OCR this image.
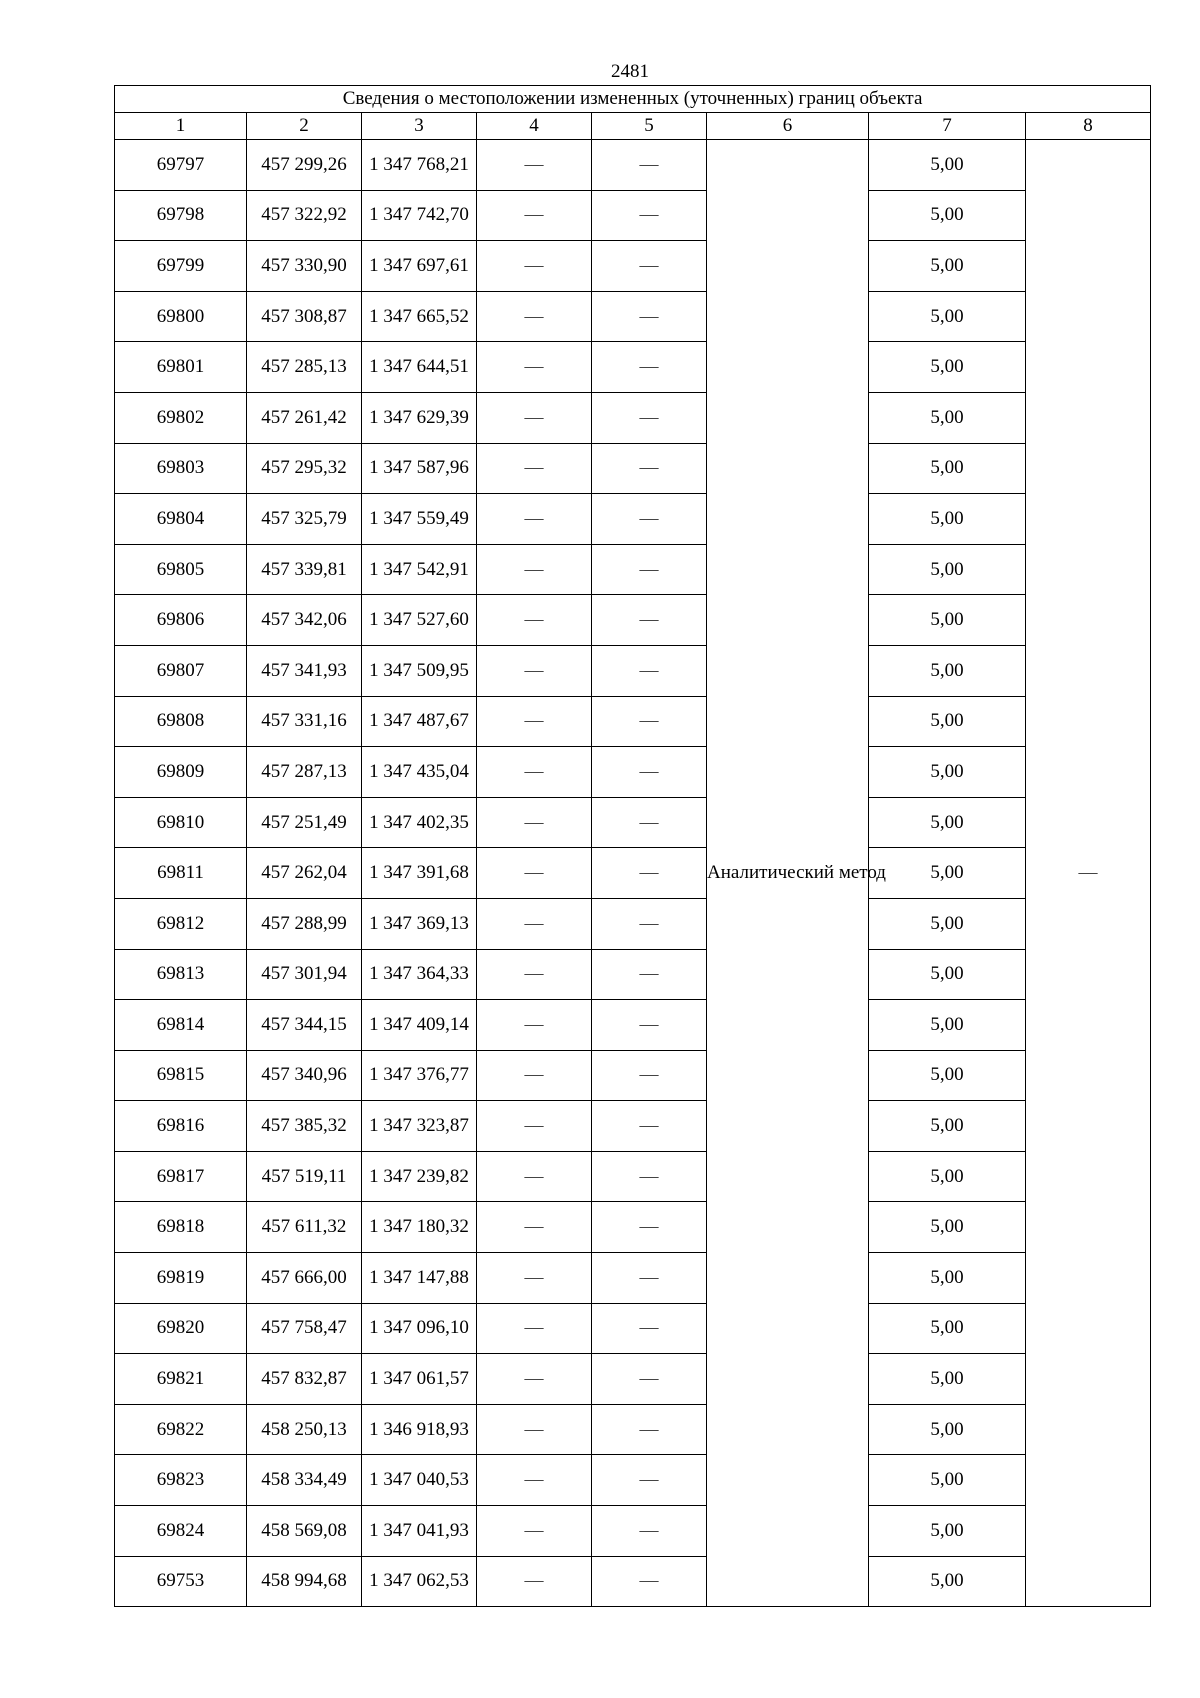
2481
Сведения о местоположении измененных (уточненных) границ объекта							
1	2	3	4	5	6	7	8
69797	457 299,26	1 347 768,21	—	—	Аналитический метод	5,00	—
69798	457 322,92	1 347 742,70	—	—		5,00	
69799	457 330,90	1 347 697,61	—	—		5,00	
69800	457 308,87	1 347 665,52	—	—		5,00	
69801	457 285,13	1 347 644,51	—	—		5,00	
69802	457 261,42	1 347 629,39	—	—		5,00	
69803	457 295,32	1 347 587,96	—	—		5,00	
69804	457 325,79	1 347 559,49	—	—		5,00	
69805	457 339,81	1 347 542,91	—	—		5,00	
69806	457 342,06	1 347 527,60	—	—		5,00	
69807	457 341,93	1 347 509,95	—	—		5,00	
69808	457 331,16	1 347 487,67	—	—		5,00	
69809	457 287,13	1 347 435,04	—	—		5,00	
69810	457 251,49	1 347 402,35	—	—		5,00	
69811	457 262,04	1 347 391,68	—	—		5,00	
69812	457 288,99	1 347 369,13	—	—		5,00	
69813	457 301,94	1 347 364,33	—	—		5,00	
69814	457 344,15	1 347 409,14	—	—		5,00	
69815	457 340,96	1 347 376,77	—	—		5,00	
69816	457 385,32	1 347 323,87	—	—		5,00	
69817	457 519,11	1 347 239,82	—	—		5,00	
69818	457 611,32	1 347 180,32	—	—		5,00	
69819	457 666,00	1 347 147,88	—	—		5,00	
69820	457 758,47	1 347 096,10	—	—		5,00	
69821	457 832,87	1 347 061,57	—	—		5,00	
69822	458 250,13	1 346 918,93	—	—		5,00	
69823	458 334,49	1 347 040,53	—	—		5,00	
69824	458 569,08	1 347 041,93	—	—		5,00	
69753	458 994,68	1 347 062,53	—	—		5,00	
